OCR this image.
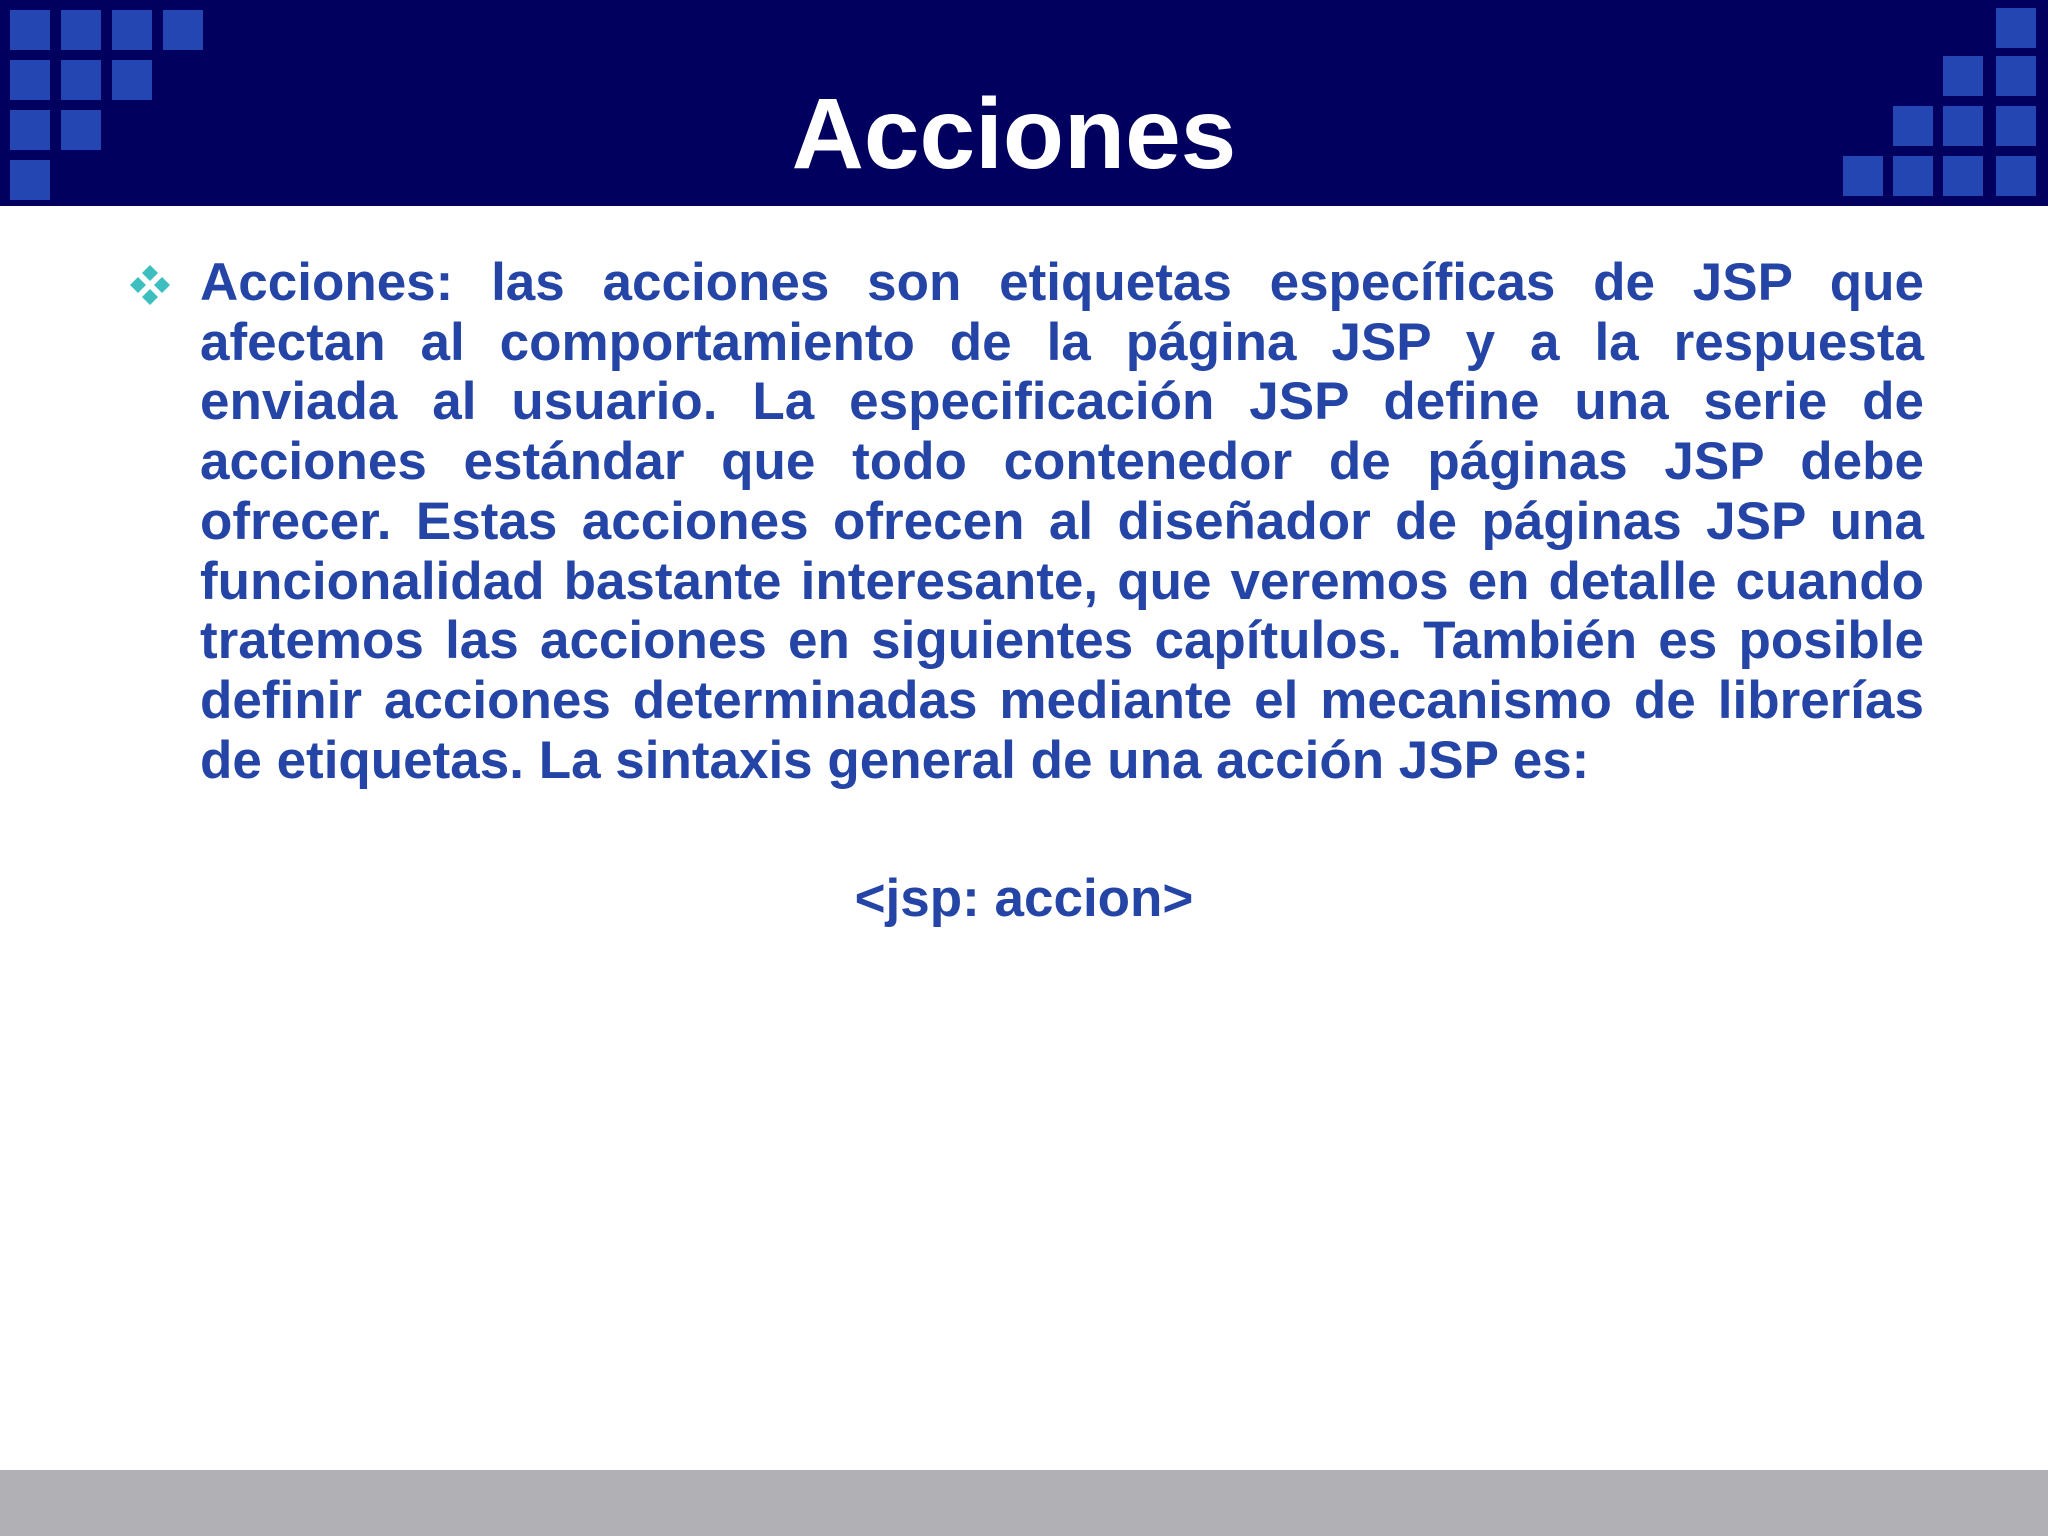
Acciones

Acciones: las acciones son etiquetas específicas de JSP que afectan al comportamiento de la página JSP y a la respuesta enviada al usuario. La especificación JSP define una serie de acciones estándar que todo contenedor de páginas JSP debe ofrecer. Estas acciones ofrecen al diseñador de páginas JSP una funcionalidad bastante interesante, que veremos en detalle cuando tratemos las acciones en siguientes capítulos. También es posible definir acciones determinadas mediante el mecanismo de librerías de etiquetas. La sintaxis general de una acción JSP es:

<jsp: accion>
